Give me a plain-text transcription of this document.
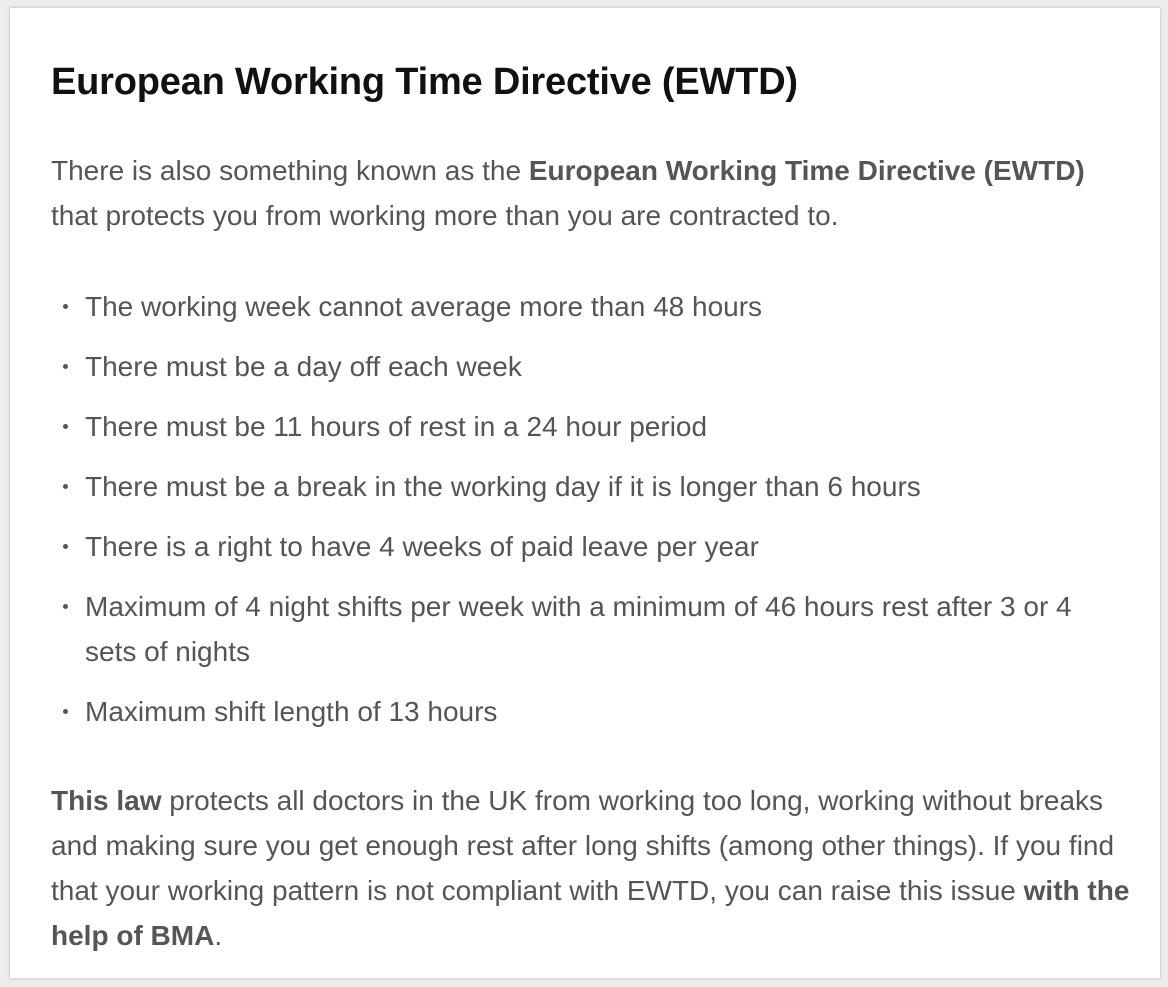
European Working Time Directive (EWTD)

There is also something known as the European Working Time Directive (EWTD) that protects you from working more than you are contracted to.

The working week cannot average more than 48 hours
There must be a day off each week
There must be 11 hours of rest in a 24 hour period
There must be a break in the working day if it is longer than 6 hours
There is a right to have 4 weeks of paid leave per year
Maximum of 4 night shifts per week with a minimum of 46 hours rest after 3 or 4 sets of nights
Maximum shift length of 13 hours

This law protects all doctors in the UK from working too long, working without breaks and making sure you get enough rest after long shifts (among other things). If you find that your working pattern is not compliant with EWTD, you can raise this issue with the help of BMA.
